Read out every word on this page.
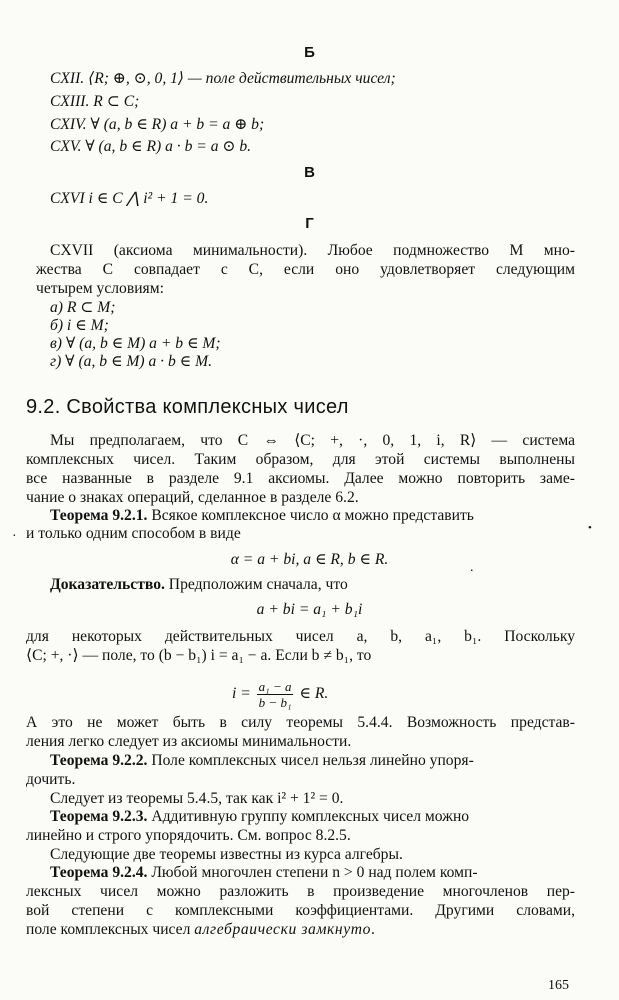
Б
CXII. ⟨R; ⊕, ⊙, 0, 1⟩ — поле действительных чисел;
CXIII. R ⊂ C;
CXIV. ∀ (a, b ∈ R) a + b = a ⊕ b;
CXV. ∀ (a, b ∈ R) a · b = a ⊙ b.
В
CXVI i ∈ C ⋀ i² + 1 = 0.
Г
CXVII (аксиома минимальности). Любое подмножество M мно-
жества C совпадает с C, если оно удовлетворяет следующим
четырем условиям:
а) R ⊂ M;
б) i ∈ M;
в) ∀ (a, b ∈ M) a + b ∈ M;
г) ∀ (a, b ∈ M) a · b ∈ M.
9.2. Свойства комплексных чисел
Мы предполагаем, что C ⇔ ⟨C; +, ·, 0, 1, i, R⟩ — система
комплексных чисел. Таким образом, для этой системы выполнены
все названные в разделе 9.1 аксиомы. Далее можно повторить заме-
чание о знаках операций, сделанное в разделе 6.2.
Теорема 9.2.1. Всякое комплексное число α можно представить
и только одним способом в виде
·
•
α = a + bi, a ∈ R, b ∈ R.	.
Доказательство. Предположим сначала, что
a + bi = a₁ + b₁i
для некоторых действительных чисел a, b, a₁, b₁. Поскольку
⟨C; +, ·⟩ — поле, то (b − b₁) i = a₁ − a. Если b ≠ b₁, то
$i = \frac{\text{a₁ − a}}{\text{b − b₁}}$ ∈ R.
А это не может быть в силу теоремы 5.4.4. Возможность представ-
ления легко следует из аксиомы минимальности.
Теорема 9.2.2. Поле комплексных чисел нельзя линейно упоря-
дочить.
Следует из теоремы 5.4.5, так как i² + 1² = 0.
Теорема 9.2.3. Аддитивную группу комплексных чисел можно
линейно и строго упорядочить. См. вопрос 8.2.5.
Следующие две теоремы известны из курса алгебры.
Теорема 9.2.4. Любой многочлен степени n > 0 над полем комп-
лексных чисел можно разложить в произведение многочленов пер-
вой степени с комплексными коэффициентами. Другими словами,
поле комплексных чисел алгебраически замкнуто.
165
